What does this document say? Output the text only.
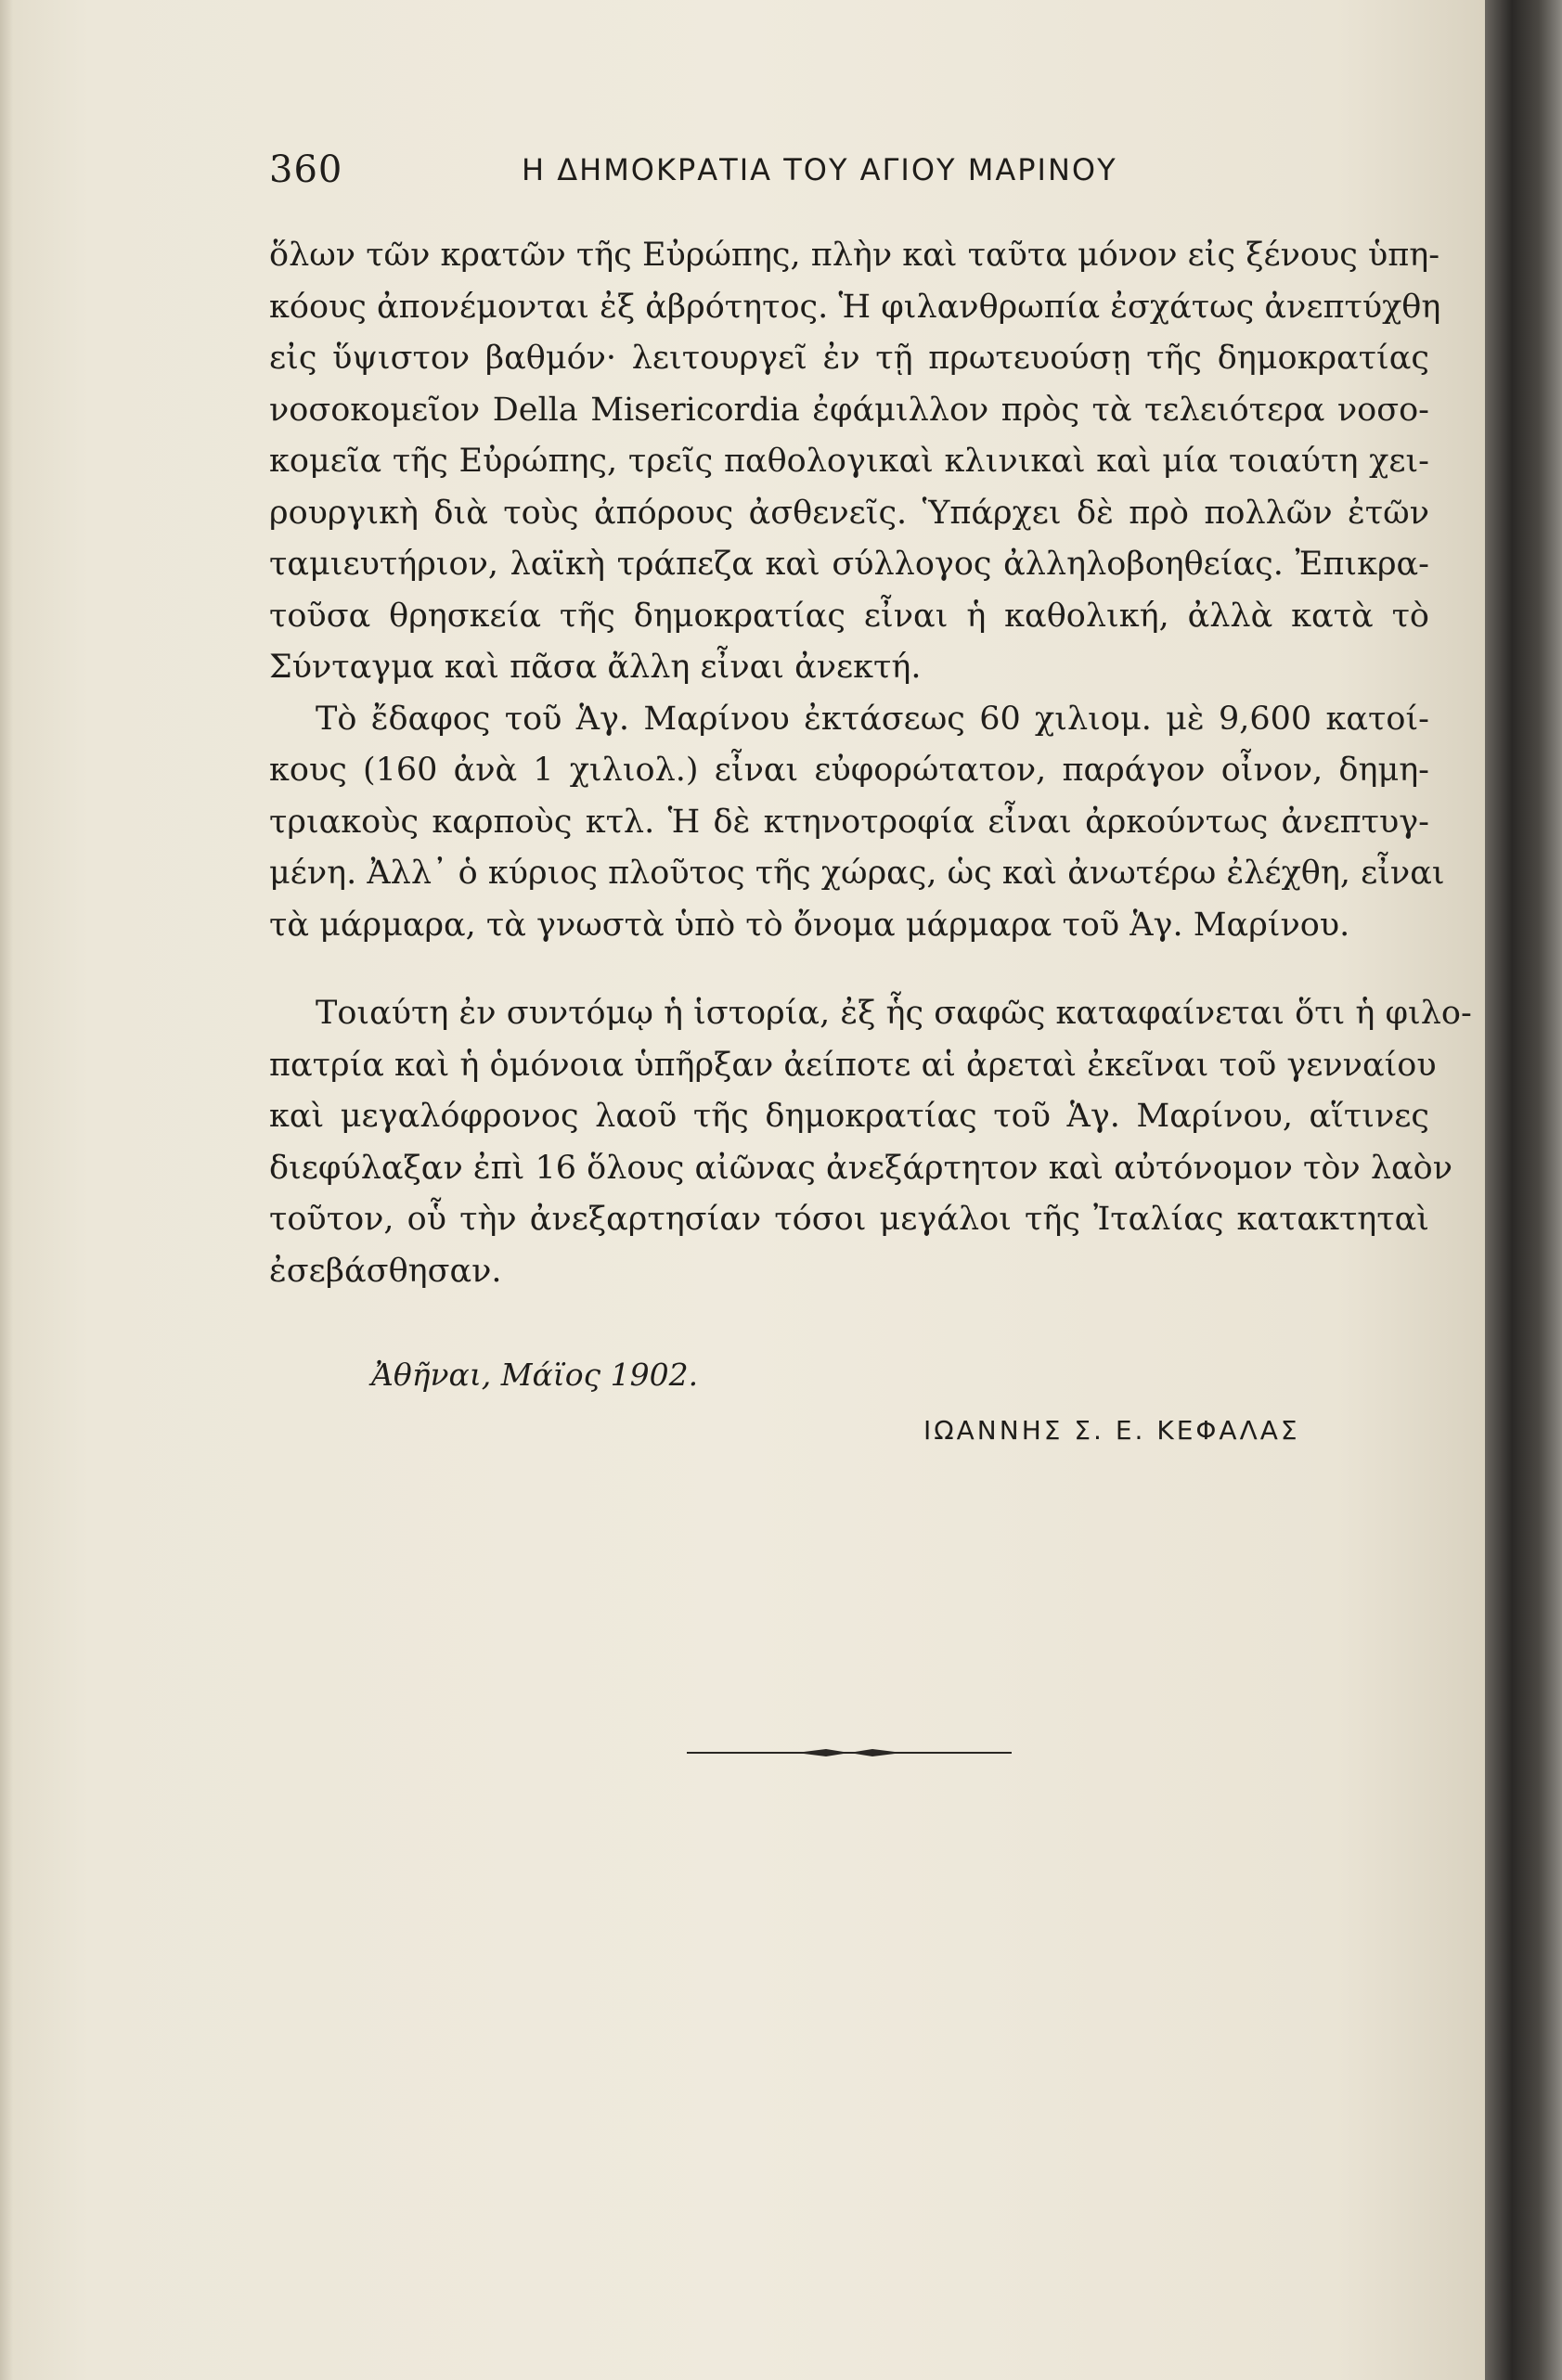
360	Η ΔΗΜΟΚΡΑΤΙΑ ΤΟΥ ΑΓΙΟΥ ΜΑΡΙΝΟΥ
ὅλων τῶν κρατῶν τῆς Εὐρώπης, πλὴν καὶ ταῦτα μόνον εἰς ξένους ὑπη-
κόους ἀπονέμονται ἐξ ἀβρότητος. Ἡ φιλανθρωπία ἐσχάτως ἀνεπτύχθη
εἰς ὕψιστον βαθμόν· λειτουργεῖ ἐν τῇ πρωτευούσῃ τῆς δημοκρατίας
νοσοκομεῖον Della Misericordia ἐφάμιλλον πρὸς τὰ τελειότερα νοσο-
κομεῖα τῆς Εὐρώπης, τρεῖς παθολογικαὶ κλινικαὶ καὶ μία τοιαύτη χει-
ρουργικὴ διὰ τοὺς ἀπόρους ἀσθενεῖς. Ὑπάρχει δὲ πρὸ πολλῶν ἐτῶν
ταμιευτήριον, λαϊκὴ τράπεζα καὶ σύλλογος ἀλληλοβοηθείας. Ἐπικρα-
τοῦσα θρησκεία τῆς δημοκρατίας εἶναι ἡ καθολική, ἀλλὰ κατὰ τὸ
Σύνταγμα καὶ πᾶσα ἄλλη εἶναι ἀνεκτή.
Τὸ ἔδαφος τοῦ Ἁγ. Μαρίνου ἐκτάσεως 60 χιλιομ. μὲ 9,600 κατοί-
κους (160 ἀνὰ 1 χιλιολ.) εἶναι εὐφορώτατον, παράγον οἶνον, δημη-
τριακοὺς καρποὺς κτλ. Ἡ δὲ κτηνοτροφία εἶναι ἀρκούντως ἀνεπτυγ-
μένη. Ἀλλ᾽ ὁ κύριος πλοῦτος τῆς χώρας, ὡς καὶ ἀνωτέρω ἐλέχθη, εἶναι
τὰ μάρμαρα, τὰ γνωστὰ ὑπὸ τὸ ὄνομα μάρμαρα τοῦ Ἁγ. Μαρίνου.
Τοιαύτη ἐν συντόμῳ ἡ ἱστορία, ἐξ ἧς σαφῶς καταφαίνεται ὅτι ἡ φιλο-
πατρία καὶ ἡ ὁμόνοια ὑπῆρξαν ἀείποτε αἱ ἀρεταὶ ἐκεῖναι τοῦ γενναίου
καὶ μεγαλόφρονος λαοῦ τῆς δημοκρατίας τοῦ Ἁγ. Μαρίνου, αἵτινες
διεφύλαξαν ἐπὶ 16 ὅλους αἰῶνας ἀνεξάρτητον καὶ αὐτόνομον τὸν λαὸν
τοῦτον, οὗ τὴν ἀνεξαρτησίαν τόσοι μεγάλοι τῆς Ἰταλίας κατακτηταὶ
ἐσεβάσθησαν.
Ἀθῆναι, Μάϊος 1902.
ΙΩΑΝΝΗΣ Σ. Ε. ΚΕΦΑΛΑΣ
